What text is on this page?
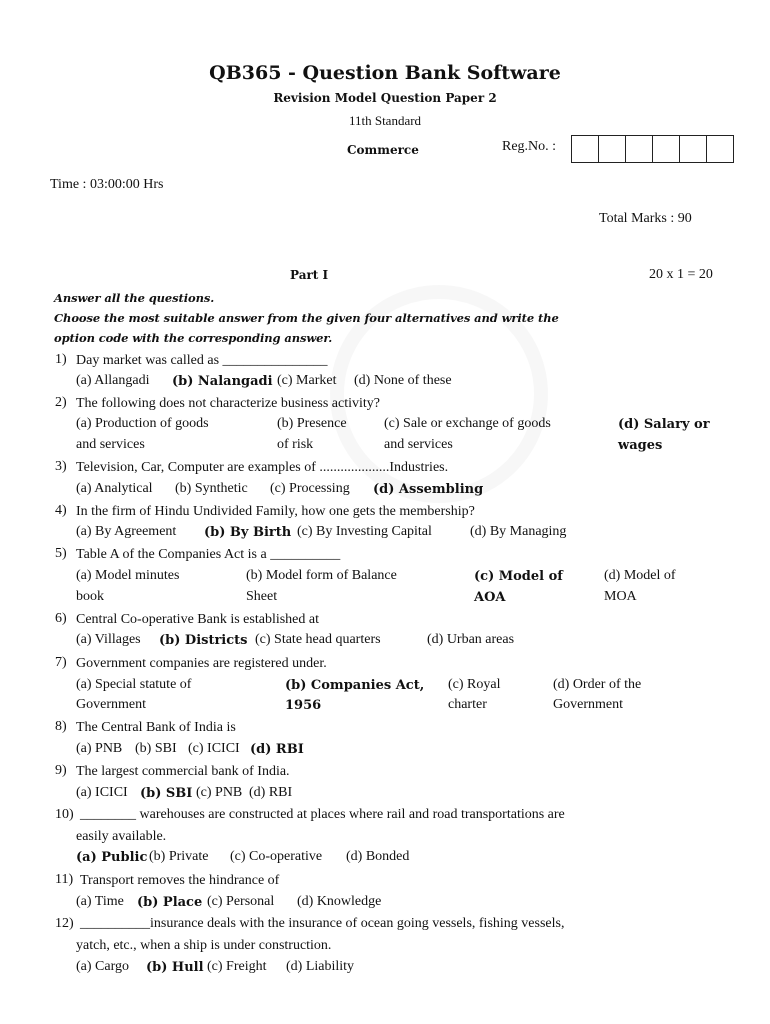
QB365 - Question Bank Software
Revision Model Question Paper 2
11th Standard
Commerce	Reg.No. :
Time : 03:00:00 Hrs
Total Marks : 90
Part I	20 x 1 = 20
Answer all the questions.
Choose the most suitable answer from the given four alternatives and write the
option code with the corresponding answer.
1) Day market was called as _______________
(a) Allangadi (b) Nalangadi (c) Market (d) None of these
2) The following does not characterize business activity?
(a) Production of goods
and services
(b) Presence
of risk
(c) Sale or exchange of goods
and services
(d) Salary or
wages
3) Television, Car, Computer are examples of ....................Industries.
(a) Analytical (b) Synthetic (c) Processing (d) Assembling
4) In the firm of Hindu Undivided Family, how one gets the membership?
(a) By Agreement (b) By Birth (c) By Investing Capital	(d) By Managing
5) Table A of the Companies Act is a __________
(a) Model minutes
book
(b) Model form of Balance
Sheet
(c) Model of
AOA
(d) Model of
MOA
6) Central Co-operative Bank is established at
(a) Villages (b) Districts (c) State head quarters	(d) Urban areas
7) Government companies are registered under.
(a) Special statute of
Government
(b) Companies Act,
1956
(c) Royal
charter
(d) Order of the
Government
8) The Central Bank of India is
(a) PNB (b) SBI (c) ICICI (d) RBI
9) The largest commercial bank of India.
(a) ICICI (b) SBI (c) PNB (d) RBI
10) ________ warehouses are constructed at places where rail and road transportations are
easily available.
(a) Public (b) Private (c) Co-operative (d) Bonded
11) Transport removes the hindrance of
(a) Time (b) Place (c) Personal (d) Knowledge
12) __________insurance deals with the insurance of ocean going vessels, fishing vessels,
yatch, etc., when a ship is under construction.
(a) Cargo (b) Hull (c) Freight (d) Liability
